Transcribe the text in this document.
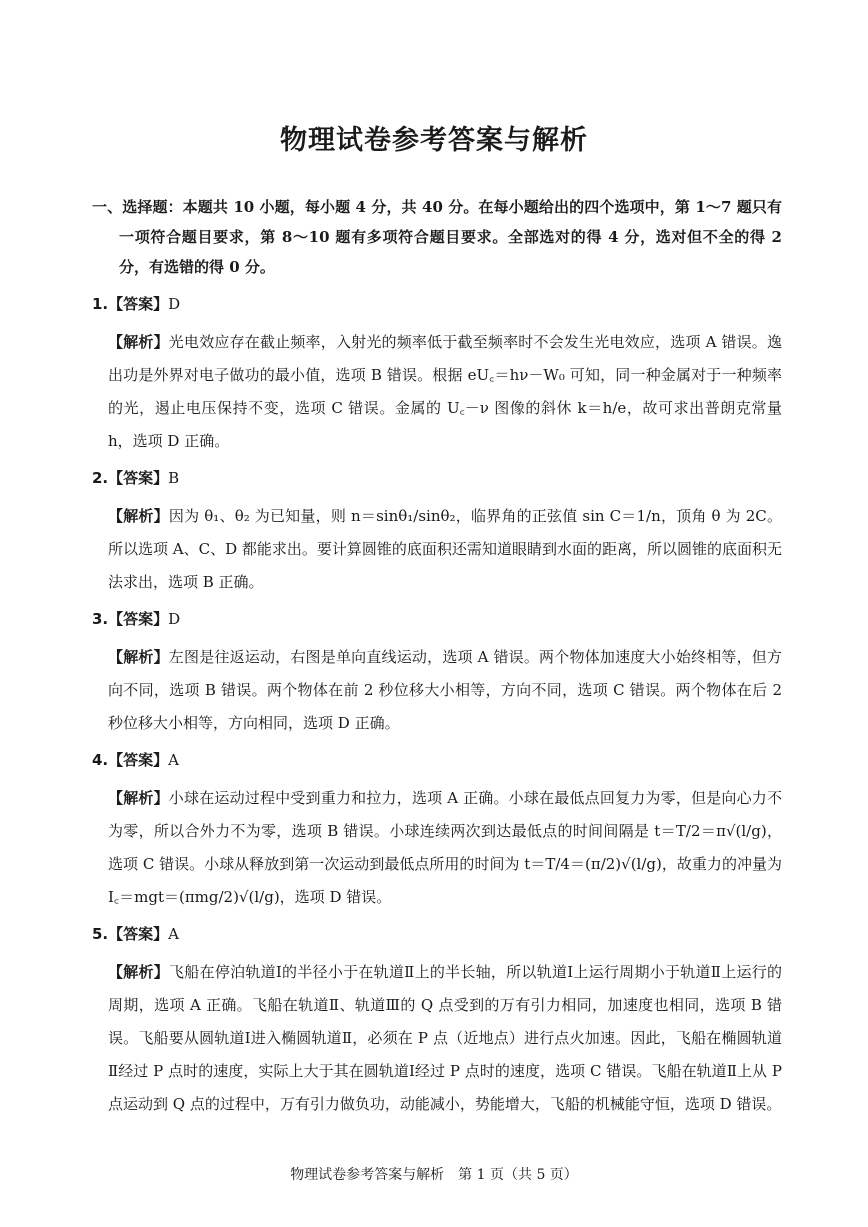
物理试卷参考答案与解析

一、选择题：本题共 10 小题，每小题 4 分，共 40 分。在每小题给出的四个选项中，第 1～7 题只有一项符合题目要求，第 8～10 题有多项符合题目要求。全部选对的得 4 分，选对但不全的得 2 分，有选错的得 0 分。

1.【答案】D

【解析】光电效应存在截止频率，入射光的频率低于截至频率时不会发生光电效应，选项 A 错误。逸出功是外界对电子做功的最小值，选项 B 错误。根据 eU꜀＝hν－W₀ 可知，同一种金属对于一种频率的光，遏止电压保持不变，选项 C 错误。金属的 U꜀－ν 图像的斜休 k＝h/e，故可求出普朗克常量 h，选项 D 正确。

2.【答案】B

【解析】因为 θ₁、θ₂ 为已知量，则 n＝sinθ₁/sinθ₂，临界角的正弦值 sin C＝1/n，顶角 θ 为 2C。所以选项 A、C、D 都能求出。要计算圆锥的底面积还需知道眼睛到水面的距离，所以圆锥的底面积无法求出，选项 B 正确。

3.【答案】D

【解析】左图是往返运动，右图是单向直线运动，选项 A 错误。两个物体加速度大小始终相等，但方向不同，选项 B 错误。两个物体在前 2 秒位移大小相等，方向不同，选项 C 错误。两个物体在后 2 秒位移大小相等，方向相同，选项 D 正确。

4.【答案】A

【解析】小球在运动过程中受到重力和拉力，选项 A 正确。小球在最低点回复力为零，但是向心力不为零，所以合外力不为零，选项 B 错误。小球连续两次到达最低点的时间间隔是 t＝T/2＝π√(l/g)，选项 C 错误。小球从释放到第一次运动到最低点所用的时间为 t＝T/4＝(π/2)√(l/g)，故重力的冲量为 I꜀＝mgt＝(πmg/2)√(l/g)，选项 D 错误。

5.【答案】A

【解析】飞船在停泊轨道Ⅰ的半径小于在轨道Ⅱ上的半长轴，所以轨道Ⅰ上运行周期小于轨道Ⅱ上运行的周期，选项 A 正确。飞船在轨道Ⅱ、轨道Ⅲ的 Q 点受到的万有引力相同，加速度也相同，选项 B 错误。飞船要从圆轨道Ⅰ进入椭圆轨道Ⅱ，必须在 P 点（近地点）进行点火加速。因此，飞船在椭圆轨道Ⅱ经过 P 点时的速度，实际上大于其在圆轨道Ⅰ经过 P 点时的速度，选项 C 错误。飞船在轨道Ⅱ上从 P 点运动到 Q 点的过程中，万有引力做负功，动能减小，势能增大，飞船的机械能守恒，选项 D 错误。

物理试卷参考答案与解析　第 1 页（共 5 页）
